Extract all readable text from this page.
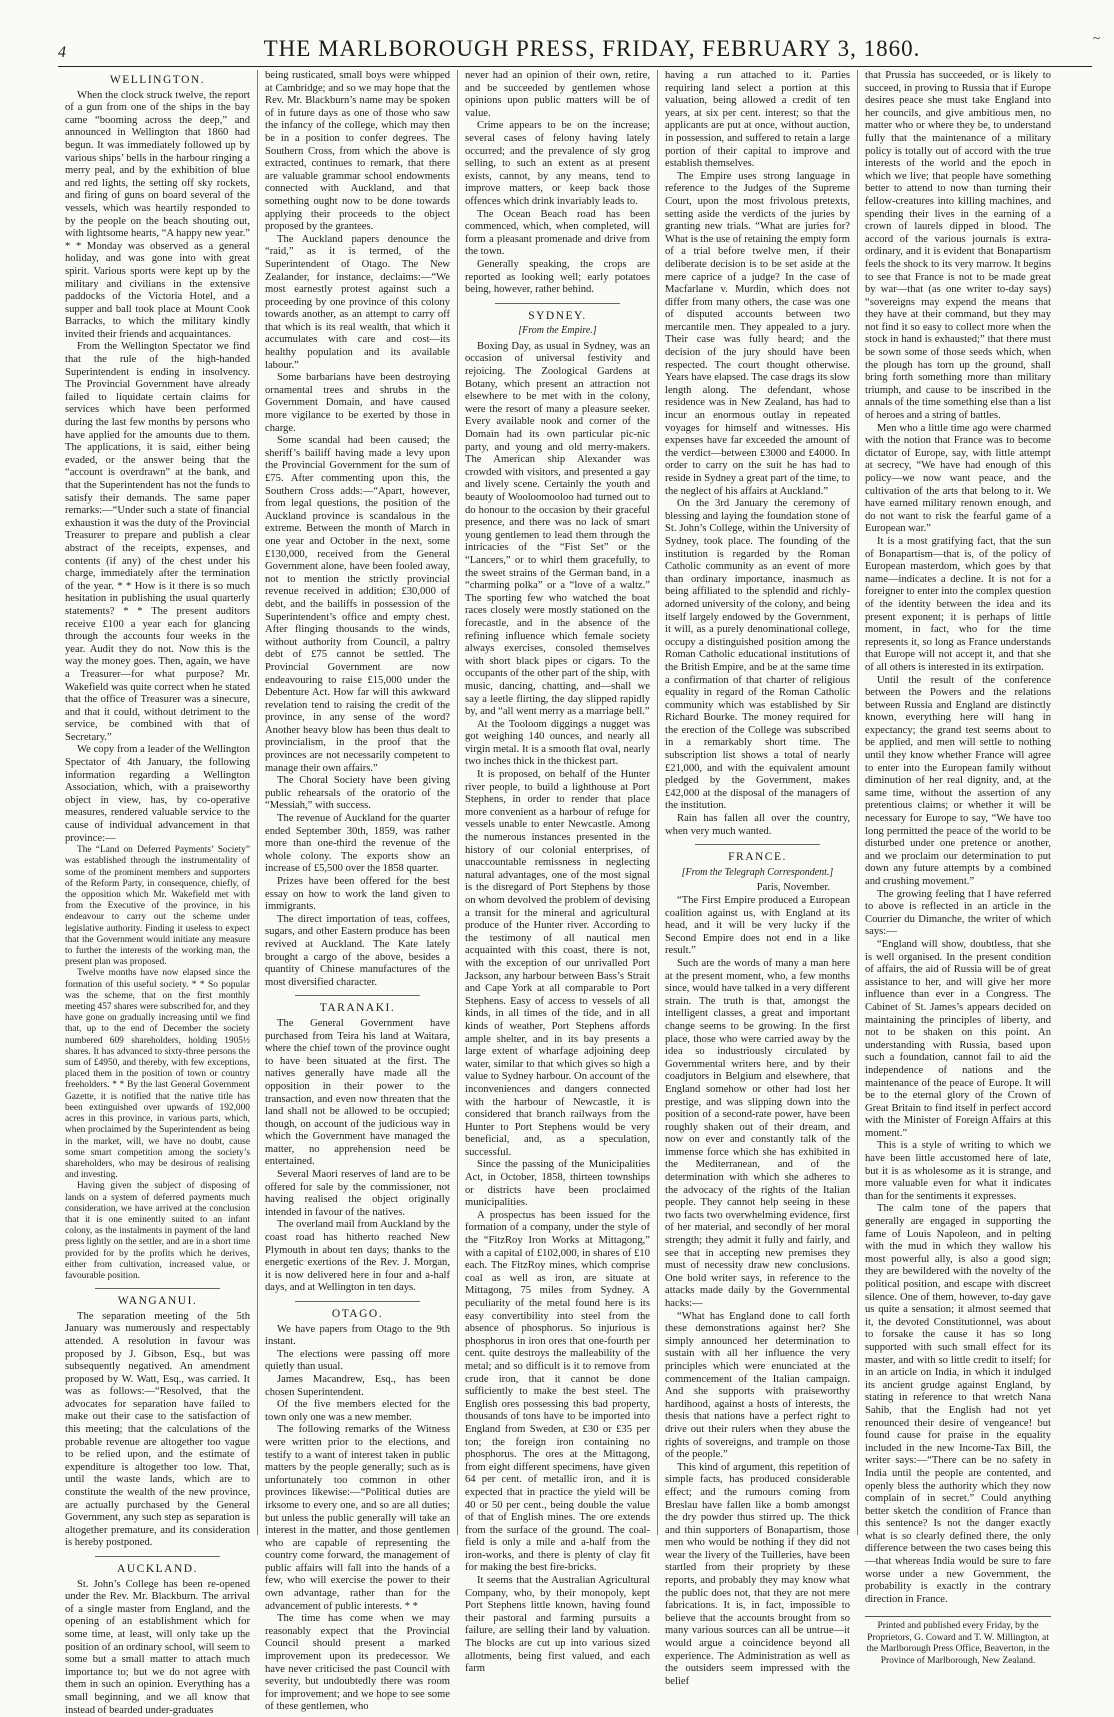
4	THE MARLBOROUGH PRESS, FRIDAY, FEBRUARY 3, 1860.	~
WELLINGTON.

When the clock struck twelve, the report of a gun from one of the ships in the bay came “booming across the deep,” and announced in Wellington that 1860 had begun. It was immediately followed up by various ships’ bells in the harbour ringing a merry peal, and by the exhibition of blue and red lights, the setting off sky rockets, and firing of guns on board several of the vessels, which was heartily responded to by the people on the beach shouting out, with lightsome hearts, “A happy new year.” * * Monday was observed as a general holiday, and was gone into with great spirit. Various sports were kept up by the military and civilians in the extensive paddocks of the Victoria Hotel, and a supper and ball took place at Mount Cook Barracks, to which the military kindly invited their friends and acquaintances.

From the Wellington Spectator we find that the rule of the high-handed Superintendent is ending in insolvency. The Provincial Government have already failed to liquidate certain claims for services which have been performed during the last few months by persons who have applied for the amounts due to them. The applications, it is said, either being evaded, or the answer being that the “account is overdrawn” at the bank, and that the Superintendent has not the funds to satisfy their demands. The same paper remarks:—“Under such a state of financial exhaustion it was the duty of the Provincial Treasurer to prepare and publish a clear abstract of the receipts, expenses, and contents (if any) of the chest under his charge, immediately after the termination of the year. * * How is it there is so much hesitation in publishing the usual quarterly statements? * * The present auditors receive £100 a year each for glancing through the accounts four weeks in the year. Audit they do not. Now this is the way the money goes. Then, again, we have a Treasurer—for what purpose? Mr. Wakefield was quite correct when he stated that the office of Treasurer was a sinecure, and that it could, without detriment to the service, be combined with that of Secretary.”

We copy from a leader of the Wellington Spectator of 4th January, the following information regarding a Wellington Association, which, with a praiseworthy object in view, has, by co-operative measures, rendered valuable service to the cause of individual advancement in that province:—

The “Land on Deferred Payments’ Society” was established through the instrumentality of some of the prominent members and supporters of the Reform Party, in consequence, chiefly, of the opposition which Mr. Wakefield met with from the Executive of the province, in his endeavour to carry out the scheme under legislative authority. Finding it useless to expect that the Government would initiate any measure to further the interests of the working man, the present plan was proposed.

Twelve months have now elapsed since the formation of this useful society. * * So popular was the scheme, that on the first monthly meeting 457 shares were subscribed for, and they have gone on gradually increasing until we find that, up to the end of December the society numbered 609 shareholders, holding 1905½ shares. It has advanced to sixty-three persons the sum of £4950, and thereby, with few exceptions, placed them in the position of town or country freeholders. * * By the last General Government Gazette, it is notified that the native title has been extinguished over upwards of 192,000 acres in this province, in various parts, which, when proclaimed by the Superintendent as being in the market, will, we have no doubt, cause some smart competition among the society’s shareholders, who may be desirous of realising and investing.

Having given the subject of disposing of lands on a system of deferred payments much consideration, we have arrived at the conclusion that it is one eminently suited to an infant colony, as the instalments in payment of the land press lightly on the settler, and are in a short time provided for by the profits which he derives, either from cultivation, increased value, or favourable position.

WANGANUI.

The separation meeting of the 5th January was numerously and respectably attended. A resolution in favour was proposed by J. Gibson, Esq., but was subsequently negatived. An amendment proposed by W. Watt, Esq., was carried. It was as follows:—“Resolved, that the advocates for separation have failed to make out their case to the satisfaction of this meeting; that the calculations of the probable revenue are altogether too vague to be relied upon, and the estimate of expenditure is altogether too low. That, until the waste lands, which are to constitute the wealth of the new province, are actually purchased by the General Government, any such step as separation is altogether premature, and its consideration is hereby postponed.

AUCKLAND.

St. John’s College has been re-opened under the Rev. Mr. Blackburn. The arrival of a single master from England, and the opening of an establishment which for some time, at least, will only take up the position of an ordinary school, will seem to some but a small matter to attach much importance to; but we do not agree with them in such an opinion. Everything has a small beginning, and we all know that instead of bearded under-graduates

being rusticated, small boys were whipped at Cambridge; and so we may hope that the Rev. Mr. Blackburn’s name may be spoken of in future days as one of those who saw the infancy of the college, which may then be in a position to confer degrees. The Southern Cross, from which the above is extracted, continues to remark, that there are valuable grammar school endowments connected with Auckland, and that something ought now to be done towards applying their proceeds to the object proposed by the grantees.

The Auckland papers denounce the “raid,” as it is termed, of the Superintendent of Otago. The New Zealander, for instance, declaims:—“We most earnestly protest against such a proceeding by one province of this colony towards another, as an attempt to carry off that which is its real wealth, that which it accumulates with care and cost—its healthy population and its available labour.”

Some barbarians have been destroying ornamental trees and shrubs in the Government Domain, and have caused more vigilance to be exerted by those in charge.

Some scandal had been caused; the sheriff’s bailiff having made a levy upon the Provincial Government for the sum of £75. After commenting upon this, the Southern Cross adds:—“Apart, however, from legal questions, the position of the Auckland province is scandalous in the extreme. Between the month of March in one year and October in the next, some £130,000, received from the General Government alone, have been fooled away, not to mention the strictly provincial revenue received in addition; £30,000 of debt, and the bailiffs in possession of the Superintendent’s office and empty chest. After flinging thousands to the winds, without authority from Council, a paltry debt of £75 cannot be settled. The Provincial Government are now endeavouring to raise £15,000 under the Debenture Act. How far will this awkward revelation tend to raising the credit of the province, in any sense of the word? Another heavy blow has been thus dealt to provincialism, in the proof that the provinces are not necessarily competent to manage their own affairs.”

The Choral Society have been giving public rehearsals of the oratorio of the “Messiah,” with success.

The revenue of Auckland for the quarter ended September 30th, 1859, was rather more than one-third the revenue of the whole colony. The exports show an increase of £5,500 over the 1858 quarter.

Prizes have been offered for the best essay on how to work the land given to immigrants.

The direct importation of teas, coffees, sugars, and other Eastern produce has been revived at Auckland. The Kate lately brought a cargo of the above, besides a quantity of Chinese manufactures of the most diversified character.

TARANAKI.

The General Government have purchased from Teira his land at Waitara, where the chief town of the province ought to have been situated at the first. The natives generally have made all the opposition in their power to the transaction, and even now threaten that the land shall not be allowed to be occupied; though, on account of the judicious way in which the Government have managed the matter, no apprehension need be entertained.

Several Maori reserves of land are to be offered for sale by the commissioner, not having realised the object originally intended in favour of the natives.

The overland mail from Auckland by the coast road has hitherto reached New Plymouth in about ten days; thanks to the energetic exertions of the Rev. J. Morgan, it is now delivered here in four and a-half days, and at Wellington in ten days.

OTAGO.

We have papers from Otago to the 9th instant.

The elections were passing off more quietly than usual.

James Macandrew, Esq., has been chosen Superintendent.

Of the five members elected for the town only one was a new member.

The following remarks of the Witness were written prior to the elections, and testify to a want of interest taken in public matters by the people generally; such as is unfortunately too common in other provinces likewise:—“Political duties are irksome to every one, and so are all duties; but unless the public generally will take an interest in the matter, and those gentlemen who are capable of representing the country come forward, the management of public affairs will fall into the hands of a few, who will exercise the power to their own advantage, rather than for the advancement of public interests. * *

The time has come when we may reasonably expect that the Provincial Council should present a marked improvement upon its predecessor. We have never criticised the past Council with severity, but undoubtedly there was room for improvement; and we hope to see some of these gentlemen, who

never had an opinion of their own, retire, and be succeeded by gentlemen whose opinions upon public matters will be of value.

Crime appears to be on the increase; several cases of felony having lately occurred; and the prevalence of sly grog selling, to such an extent as at present exists, cannot, by any means, tend to improve matters, or keep back those offences which drink invariably leads to.

The Ocean Beach road has been commenced, which, when completed, will form a pleasant promenade and drive from the town.

Generally speaking, the crops are reported as looking well; early potatoes being, however, rather behind.

SYDNEY.

[From the Empire.]

Boxing Day, as usual in Sydney, was an occasion of universal festivity and rejoicing. The Zoological Gardens at Botany, which present an attraction not elsewhere to be met with in the colony, were the resort of many a pleasure seeker. Every available nook and corner of the Domain had its own particular pic-nic party, and young and old merry-makers. The American ship Alexander was crowded with visitors, and presented a gay and lively scene. Certainly the youth and beauty of Wooloomooloo had turned out to do honour to the occasion by their graceful presence, and there was no lack of smart young gentlemen to lead them through the intricacies of the “Fist Set” or the “Lancers,” or to whirl them gracefully, to the sweet strains of the German band, in a “charming polka” or a “love of a waltz.” The sporting few who watched the boat races closely were mostly stationed on the forecastle, and in the absence of the refining influence which female society always exercises, consoled themselves with short black pipes or cigars. To the occupants of the other part of the ship, with music, dancing, chatting, and—shall we say a leetle flirting, the day slipped rapidly by, and “all went merry as a marriage bell.”

At the Tooloom diggings a nugget was got weighing 140 ounces, and nearly all virgin metal. It is a smooth flat oval, nearly two inches thick in the thickest part.

It is proposed, on behalf of the Hunter river people, to build a lighthouse at Port Stephens, in order to render that place more convenient as a harbour of refuge for vessels unable to enter Newcastle. Among the numerous instances presented in the history of our colonial enterprises, of unaccountable remissness in neglecting natural advantages, one of the most signal is the disregard of Port Stephens by those on whom devolved the problem of devising a transit for the mineral and agricultural produce of the Hunter river. According to the testimony of all nautical men acquainted with this coast, there is not, with the exception of our unrivalled Port Jackson, any harbour between Bass’s Strait and Cape York at all comparable to Port Stephens. Easy of access to vessels of all kinds, in all times of the tide, and in all kinds of weather, Port Stephens affords ample shelter, and in its bay presents a large extent of wharfage adjoining deep water, similar to that which gives so high a value to Sydney harbour. On account of the inconveniences and dangers connected with the harbour of Newcastle, it is considered that branch railways from the Hunter to Port Stephens would be very beneficial, and, as a speculation, successful.

Since the passing of the Municipalities Act, in October, 1858, thirteen townships or districts have been proclaimed municipalities.

A prospectus has been issued for the formation of a company, under the style of the “FitzRoy Iron Works at Mittagong,” with a capital of £102,000, in shares of £10 each. The FitzRoy mines, which comprise coal as well as iron, are situate at Mittagong, 75 miles from Sydney. A peculiarity of the metal found here is its easy convertibility into steel from the absence of phosphorus. So injurious is phosphorus in iron ores that one-fourth per cent. quite destroys the malleability of the metal; and so difficult is it to remove from crude iron, that it cannot be done sufficiently to make the best steel. The English ores possessing this bad property, thousands of tons have to be imported into England from Sweden, at £30 or £35 per ton; the foreign iron containing no phosphorus. The ores at the Mittagong, from eight different specimens, have given 64 per cent. of metallic iron, and it is expected that in practice the yield will be 40 or 50 per cent., being double the value of that of English mines. The ore extends from the surface of the ground. The coal-field is only a mile and a-half from the iron-works, and there is plenty of clay fit for making the best fire-bricks.

It seems that the Australian Agricultural Company, who, by their monopoly, kept Port Stephens little known, having found their pastoral and farming pursuits a failure, are selling their land by valuation. The blocks are cut up into various sized allotments, being first valued, and each farm

having a run attached to it. Parties requiring land select a portion at this valuation, being allowed a credit of ten years, at six per cent. interest; so that the applicants are put at once, without auction, in possession, and suffered to retain a large portion of their capital to improve and establish themselves.

The Empire uses strong language in reference to the Judges of the Supreme Court, upon the most frivolous pretexts, setting aside the verdicts of the juries by granting new trials. “What are juries for? What is the use of retaining the empty form of a trial before twelve men, if their deliberate decision is to be set aside at the mere caprice of a judge? In the case of Macfarlane v. Murdin, which does not differ from many others, the case was one of disputed accounts between two mercantile men. They appealed to a jury. Their case was fully heard; and the decision of the jury should have been respected. The court thought otherwise. Years have elapsed. The case drags its slow length along. The defendant, whose residence was in New Zealand, has had to incur an enormous outlay in repeated voyages for himself and witnesses. His expenses have far exceeded the amount of the verdict—between £3000 and £4000. In order to carry on the suit he has had to reside in Sydney a great part of the time, to the neglect of his affairs at Auckland.”

On the 3rd January the ceremony of blessing and laying the foundation stone of St. John’s College, within the University of Sydney, took place. The founding of the institution is regarded by the Roman Catholic community as an event of more than ordinary importance, inasmuch as being affiliated to the splendid and richly-adorned university of the colony, and being itself largely endowed by the Government, it will, as a purely denominational college, occupy a distinguished position among the Roman Catholic educational institutions of the British Empire, and be at the same time a confirmation of that charter of religious equality in regard of the Roman Catholic community which was established by Sir Richard Bourke. The money required for the erection of the College was subscribed in a remarkably short time. The subscription list shows a total of nearly £21,000, and with the equivalent amount pledged by the Government, makes £42,000 at the disposal of the managers of the institution.

Rain has fallen all over the country, when very much wanted.

FRANCE.

[From the Telegraph Correspondent.]

Paris, November.

“The First Empire produced a European coalition against us, with England at its head, and it will be very lucky if the Second Empire does not end in a like result.”

Such are the words of many a man here at the present moment, who, a few months since, would have talked in a very different strain. The truth is that, amongst the intelligent classes, a great and important change seems to be growing. In the first place, those who were carried away by the idea so industriously circulated by Governmental writers here, and by their coadjutors in Belgium and elsewhere, that England somehow or other had lost her prestige, and was slipping down into the position of a second-rate power, have been roughly shaken out of their dream, and now on ever and constantly talk of the immense force which she has exhibited in the Mediterranean, and of the determination with which she adheres to the advocacy of the rights of the Italian people. They cannot help seeing in these two facts two overwhelming evidence, first of her material, and secondly of her moral strength; they admit it fully and fairly, and see that in accepting new premises they must of necessity draw new conclusions. One bold writer says, in reference to the attacks made daily by the Governmental hacks:—

“What has England done to call forth these demonstrations against her? She simply announced her determination to sustain with all her influence the very principles which were enunciated at the commencement of the Italian campaign. And she supports with praiseworthy hardihood, against a hosts of interests, the thesis that nations have a perfect right to drive out their rulers when they abuse the rights of sovereigns, and trample on those of the people.”

This kind of argument, this repetition of simple facts, has produced considerable effect; and the rumours coming from Breslau have fallen like a bomb amongst the dry powder thus stirred up. The thick and thin supporters of Bonapartism, those men who would be nothing if they did not wear the livery of the Tuilleries, have been startled from their propriety by these reports, and probably they may know what the public does not, that they are not mere fabrications. It is, in fact, impossible to believe that the accounts brought from so many various sources can all be untrue—it would argue a coincidence beyond all experience. The Administration as well as the outsiders seem impressed with the belief

that Prussia has succeeded, or is likely to succeed, in proving to Russia that if Europe desires peace she must take England into her councils, and give ambitious men, no matter who or where they be, to understand fully that the maintenance of a military policy is totally out of accord with the true interests of the world and the epoch in which we live; that people have something better to attend to now than turning their fellow-creatures into killing machines, and spending their lives in the earning of a crown of laurels dipped in blood. The accord of the various journals is extra-ordinary, and it is evident that Bonapartism feels the shock to its very marrow. It begins to see that France is not to be made great by war—that (as one writer to-day says) “sovereigns may expend the means that they have at their command, but they may not find it so easy to collect more when the stock in hand is exhausted;” that there must be sown some of those seeds which, when the plough has torn up the ground, shall bring forth something more than military triumph, and cause to be inscribed in the annals of the time something else than a list of heroes and a string of battles.

Men who a little time ago were charmed with the notion that France was to become dictator of Europe, say, with little attempt at secrecy, “We have had enough of this policy—we now want peace, and the cultivation of the arts that belong to it. We have earned military renown enough, and do not want to risk the fearful game of a European war.”

It is a most gratifying fact, that the sun of Bonapartism—that is, of the policy of European masterdom, which goes by that name—indicates a decline. It is not for a foreigner to enter into the complex question of the identity between the idea and its present exponent; it is perhaps of little moment, in fact, who for the time represents it, so long as France understands that Europe will not accept it, and that she of all others is interested in its extirpation.

Until the result of the conference between the Powers and the relations between Russia and England are distinctly known, everything here will hang in expectancy; the grand test seems about to be applied, and men will settle to nothing until they know whether France will agree to enter into the European family without diminution of her real dignity, and, at the same time, without the assertion of any pretentious claims; or whether it will be necessary for Europe to say, “We have too long permitted the peace of the world to be disturbed under one pretence or another, and we proclaim our determination to put down any future attempts by a combined and crushing movement.”

The growing feeling that I have referred to above is reflected in an article in the Courrier du Dimanche, the writer of which says:—

“England will show, doubtless, that she is well organised. In the present condition of affairs, the aid of Russia will be of great assistance to her, and will give her more influence than ever in a Congress. The Cabinet of St. James’s appears decided on maintaining the principles of liberty, and not to be shaken on this point. An understanding with Russia, based upon such a foundation, cannot fail to aid the independence of nations and the maintenance of the peace of Europe. It will be to the eternal glory of the Crown of Great Britain to find itself in perfect accord with the Minister of Foreign Affairs at this moment.”

This is a style of writing to which we have been little accustomed here of late, but it is as wholesome as it is strange, and more valuable even for what it indicates than for the sentiments it expresses.

The calm tone of the papers that generally are engaged in supporting the fame of Louis Napoleon, and in pelting with the mud in which they wallow his most powerful ally, is also a good sign; they are bewildered with the novelty of the political position, and escape with discreet silence. One of them, however, to-day gave us quite a sensation; it almost seemed that it, the devoted Constitutionnel, was about to forsake the cause it has so long supported with such small effect for its master, and with so little credit to itself; for in an article on India, in which it indulged its ancient grudge against England, by stating in reference to that wretch Nana Sahib, that the English had not yet renounced their desire of vengeance! but found cause for praise in the equality included in the new Income-Tax Bill, the writer says:—“There can be no safety in India until the people are contented, and openly bless the authority which they now complain of in secret.” Could anything better sketch the condition of France than this sentence? Is not the danger exactly what is so clearly defined there, the only difference between the two cases being this—that whereas India would be sure to fare worse under a new Government, the probability is exactly in the contrary direction in France.

Printed and published every Friday, by the Proprietors, G. Coward and T. W. Millington, at the Marlborough Press Office, Beaverton, in the Province of Marlborough, New Zealand.
